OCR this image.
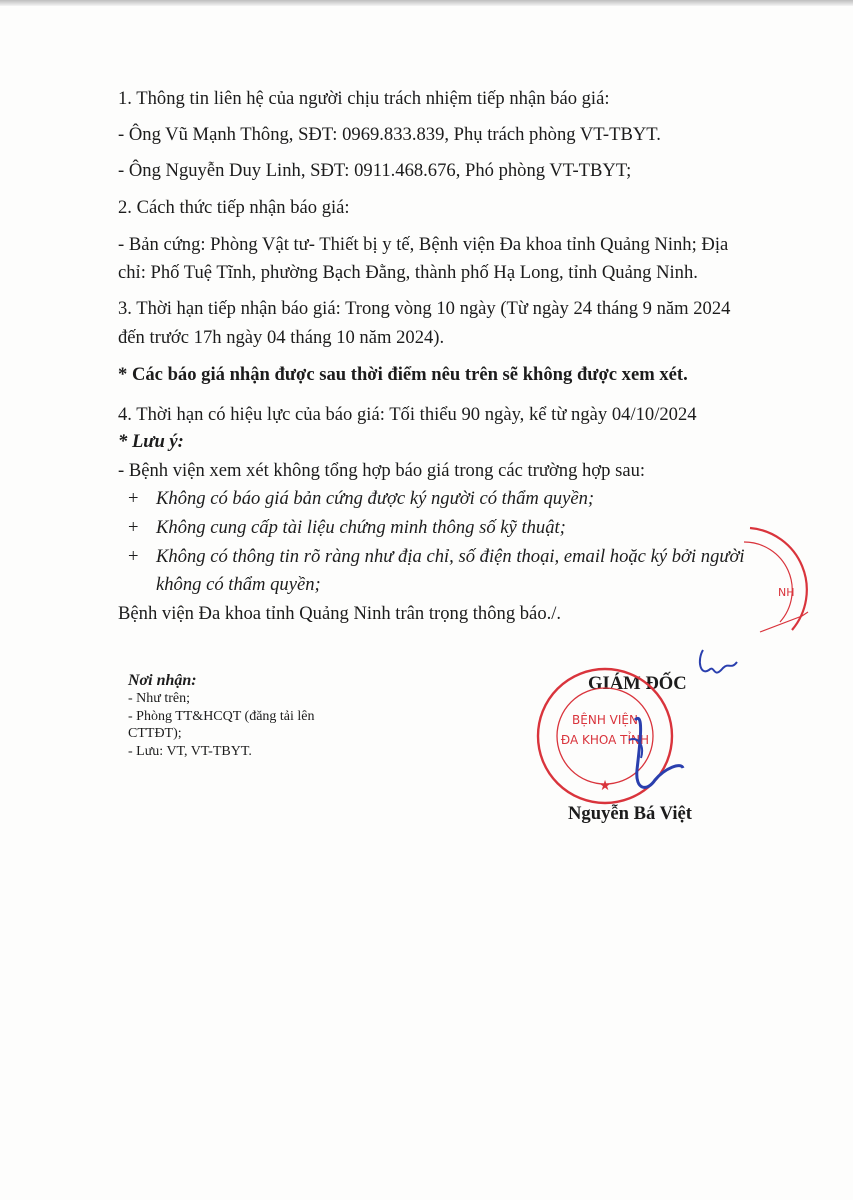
1. Thông tin liên hệ của người chịu trách nhiệm tiếp nhận báo giá:

- Ông Vũ Mạnh Thông, SĐT: 0969.833.839, Phụ trách phòng VT-TBYT.

- Ông Nguyễn Duy Linh, SĐT: 0911.468.676, Phó phòng VT-TBYT;

2. Cách thức tiếp nhận báo giá:

- Bản cứng: Phòng Vật tư- Thiết bị y tế, Bệnh viện Đa khoa tỉnh Quảng Ninh; Địa

chỉ: Phố Tuệ Tĩnh, phường Bạch Đằng, thành phố Hạ Long, tỉnh Quảng Ninh.

3. Thời hạn tiếp nhận báo giá: Trong vòng 10 ngày (Từ ngày 24 tháng 9 năm 2024

đến trước 17h ngày 04 tháng 10 năm 2024).

* Các báo giá nhận được sau thời điểm nêu trên sẽ không được xem xét.

4. Thời hạn có hiệu lực của báo giá: Tối thiểu 90 ngày, kể từ ngày 04/10/2024

* Lưu ý:

- Bệnh viện xem xét không tổng hợp báo giá trong các trường hợp sau:

+ Không có báo giá bản cứng được ký người có thẩm quyền;

+ Không cung cấp tài liệu chứng minh thông số kỹ thuật;

+ Không có thông tin rõ ràng như địa chỉ, số điện thoại, email hoặc ký bởi người

không có thẩm quyền;

Bệnh viện Đa khoa tỉnh Quảng Ninh trân trọng thông báo./.

Nơi nhận:

- Như trên;
- Phòng TT&HCQT (đăng tải lên
CTTĐT);
- Lưu: VT, VT-TBYT.
NH

GIÁM ĐỐC

BỆNH VIỆN
ĐA KHOA TỈNH
★

Nguyễn Bá Việt
